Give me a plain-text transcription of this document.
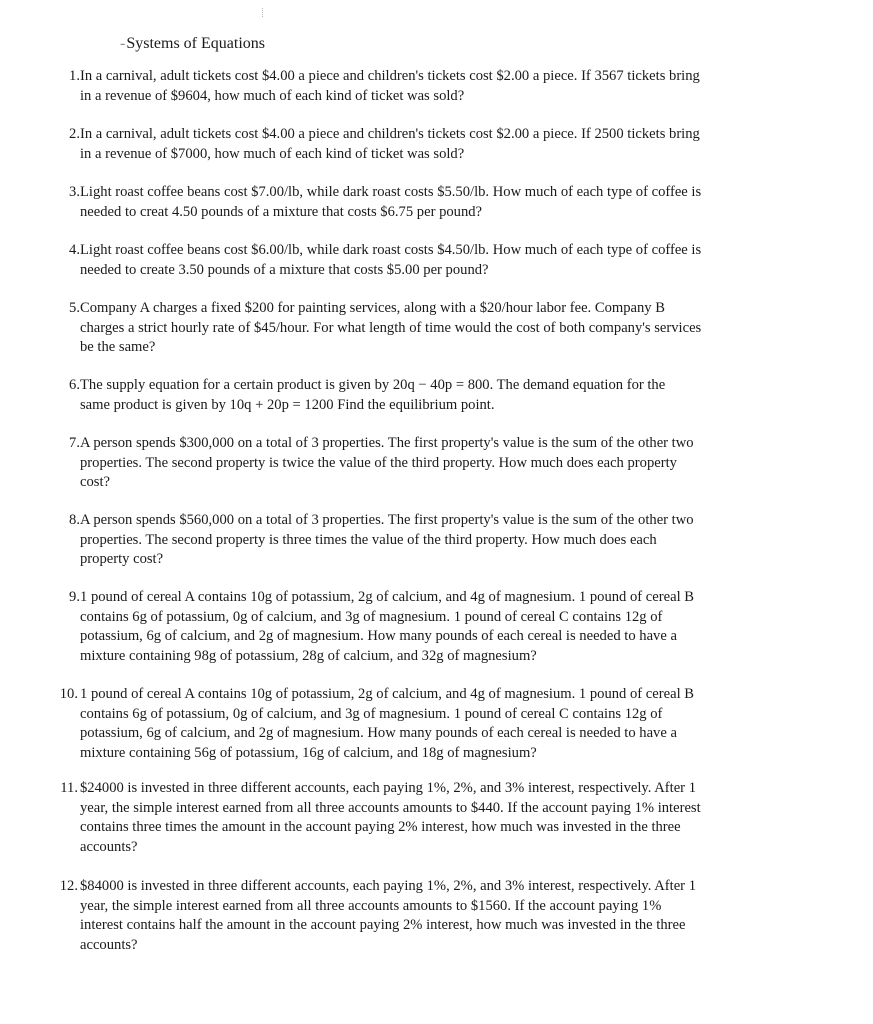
-Systems of Equations
1. In a carnival, adult tickets cost $4.00 a piece and children's tickets cost $2.00 a piece. If 3567 tickets bring
in a revenue of $9604, how much of each kind of ticket was sold?
2. In a carnival, adult tickets cost $4.00 a piece and children's tickets cost $2.00 a piece. If 2500 tickets bring
in a revenue of $7000, how much of each kind of ticket was sold?
3. Light roast coffee beans cost $7.00/lb, while dark roast costs $5.50/lb. How much of each type of coffee is
needed to creat 4.50 pounds of a mixture that costs $6.75 per pound?
4. Light roast coffee beans cost $6.00/lb, while dark roast costs $4.50/lb. How much of each type of coffee is
needed to create 3.50 pounds of a mixture that costs $5.00 per pound?
5. Company A charges a fixed $200 for painting services, along with a $20/hour labor fee. Company B
charges a strict hourly rate of $45/hour. For what length of time would the cost of both company's services
be the same?
6. The supply equation for a certain product is given by 20q − 40p = 800. The demand equation for the
same product is given by 10q + 20p = 1200 Find the equilibrium point.
7. A person spends $300,000 on a total of 3 properties. The first property's value is the sum of the other two
properties. The second property is twice the value of the third property. How much does each property
cost?
8. A person spends $560,000 on a total of 3 properties. The first property's value is the sum of the other two
properties. The second property is three times the value of the third property. How much does each
property cost?
9. 1 pound of cereal A contains 10g of potassium, 2g of calcium, and 4g of magnesium. 1 pound of cereal B
contains 6g of potassium, 0g of calcium, and 3g of magnesium. 1 pound of cereal C contains 12g of
potassium, 6g of calcium, and 2g of magnesium. How many pounds of each cereal is needed to have a
mixture containing 98g of potassium, 28g of calcium, and 32g of magnesium?
10. 1 pound of cereal A contains 10g of potassium, 2g of calcium, and 4g of magnesium. 1 pound of cereal B
contains 6g of potassium, 0g of calcium, and 3g of magnesium. 1 pound of cereal C contains 12g of
potassium, 6g of calcium, and 2g of magnesium. How many pounds of each cereal is needed to have a
mixture containing 56g of potassium, 16g of calcium, and 18g of magnesium?
11. $24000 is invested in three different accounts, each paying 1%, 2%, and 3% interest, respectively. After 1
year, the simple interest earned from all three accounts amounts to $440. If the account paying 1% interest
contains three times the amount in the account paying 2% interest, how much was invested in the three
accounts?
12. $84000 is invested in three different accounts, each paying 1%, 2%, and 3% interest, respectively. After 1
year, the simple interest earned from all three accounts amounts to $1560. If the account paying 1%
interest contains half the amount in the account paying 2% interest, how much was invested in the three
accounts?
